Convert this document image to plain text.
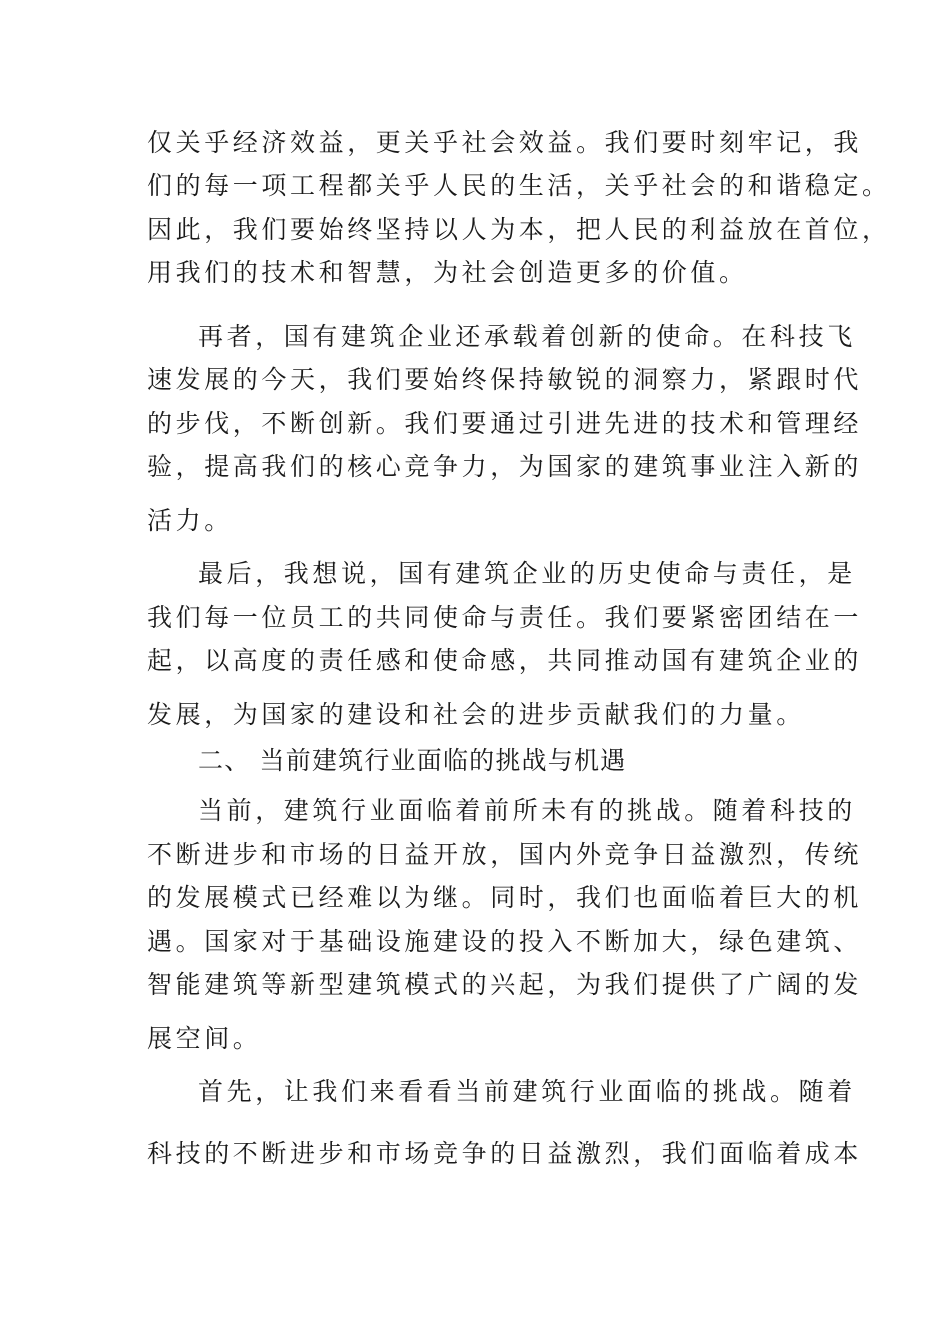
仅关乎经济效益，更关乎社会效益。我们要时刻牢记，我
们的每一项工程都关乎人民的生活，关乎社会的和谐稳定。
因此，我们要始终坚持以人为本，把人民的利益放在首位，
用我们的技术和智慧，为社会创造更多的价值。
再者，国有建筑企业还承载着创新的使命。在科技飞
速发展的今天，我们要始终保持敏锐的洞察力，紧跟时代
的步伐，不断创新。我们要通过引进先进的技术和管理经
验，提高我们的核心竞争力，为国家的建筑事业注入新的
活力。
最后，我想说，国有建筑企业的历史使命与责任，是
我们每一位员工的共同使命与责任。我们要紧密团结在一
起，以高度的责任感和使命感，共同推动国有建筑企业的
发展，为国家的建设和社会的进步贡献我们的力量。
二、 当前建筑行业面临的挑战与机遇
当前，建筑行业面临着前所未有的挑战。随着科技的
不断进步和市场的日益开放，国内外竞争日益激烈，传统
的发展模式已经难以为继。同时，我们也面临着巨大的机
遇。国家对于基础设施建设的投入不断加大，绿色建筑、
智能建筑等新型建筑模式的兴起，为我们提供了广阔的发
展空间。
首先，让我们来看看当前建筑行业面临的挑战。随着
科技的不断进步和市场竞争的日益激烈，我们面临着成本
